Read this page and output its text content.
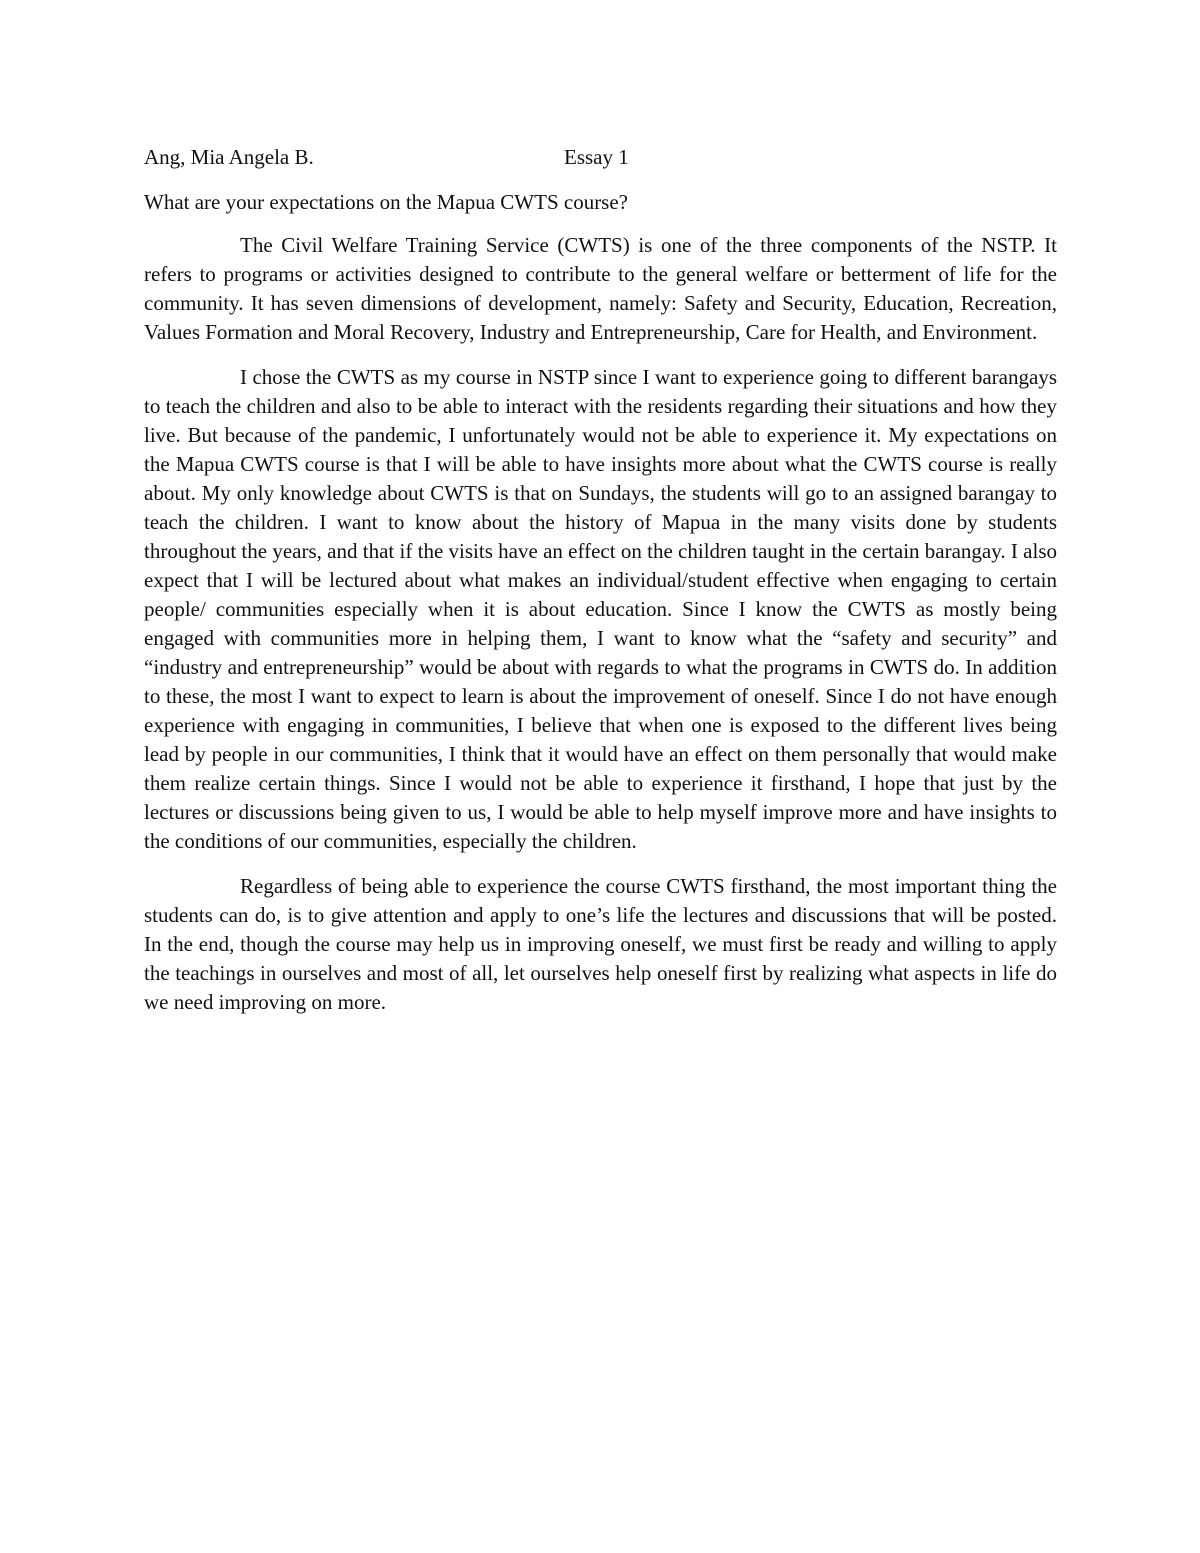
Ang, Mia Angela B.	Essay 1

What are your expectations on the Mapua CWTS course?

The Civil Welfare Training Service (CWTS) is one of the three components of the NSTP. It refers to programs or activities designed to contribute to the general welfare or betterment of life for the community. It has seven dimensions of development, namely: Safety and Security, Education, Recreation, Values Formation and Moral Recovery, Industry and Entrepreneurship, Care for Health, and Environment.

I chose the CWTS as my course in NSTP since I want to experience going to different barangays to teach the children and also to be able to interact with the residents regarding their situations and how they live. But because of the pandemic, I unfortunately would not be able to experience it. My expectations on the Mapua CWTS course is that I will be able to have insights more about what the CWTS course is really about. My only knowledge about CWTS is that on Sundays, the students will go to an assigned barangay to teach the children. I want to know about the history of Mapua in the many visits done by students throughout the years, and that if the visits have an effect on the children taught in the certain barangay. I also expect that I will be lectured about what makes an individual/student effective when engaging to certain people/ communities especially when it is about education. Since I know the CWTS as mostly being engaged with communities more in helping them, I want to know what the “safety and security” and “industry and entrepreneurship” would be about with regards to what the programs in CWTS do. In addition to these, the most I want to expect to learn is about the improvement of oneself. Since I do not have enough experience with engaging in communities, I believe that when one is exposed to the different lives being lead by people in our communities, I think that it would have an effect on them personally that would make them realize certain things. Since I would not be able to experience it firsthand, I hope that just by the lectures or discussions being given to us, I would be able to help myself improve more and have insights to the conditions of our communities, especially the children.

Regardless of being able to experience the course CWTS firsthand, the most important thing the students can do, is to give attention and apply to one’s life the lectures and discussions that will be posted. In the end, though the course may help us in improving oneself, we must first be ready and willing to apply the teachings in ourselves and most of all, let ourselves help oneself first by realizing what aspects in life do we need improving on more.
